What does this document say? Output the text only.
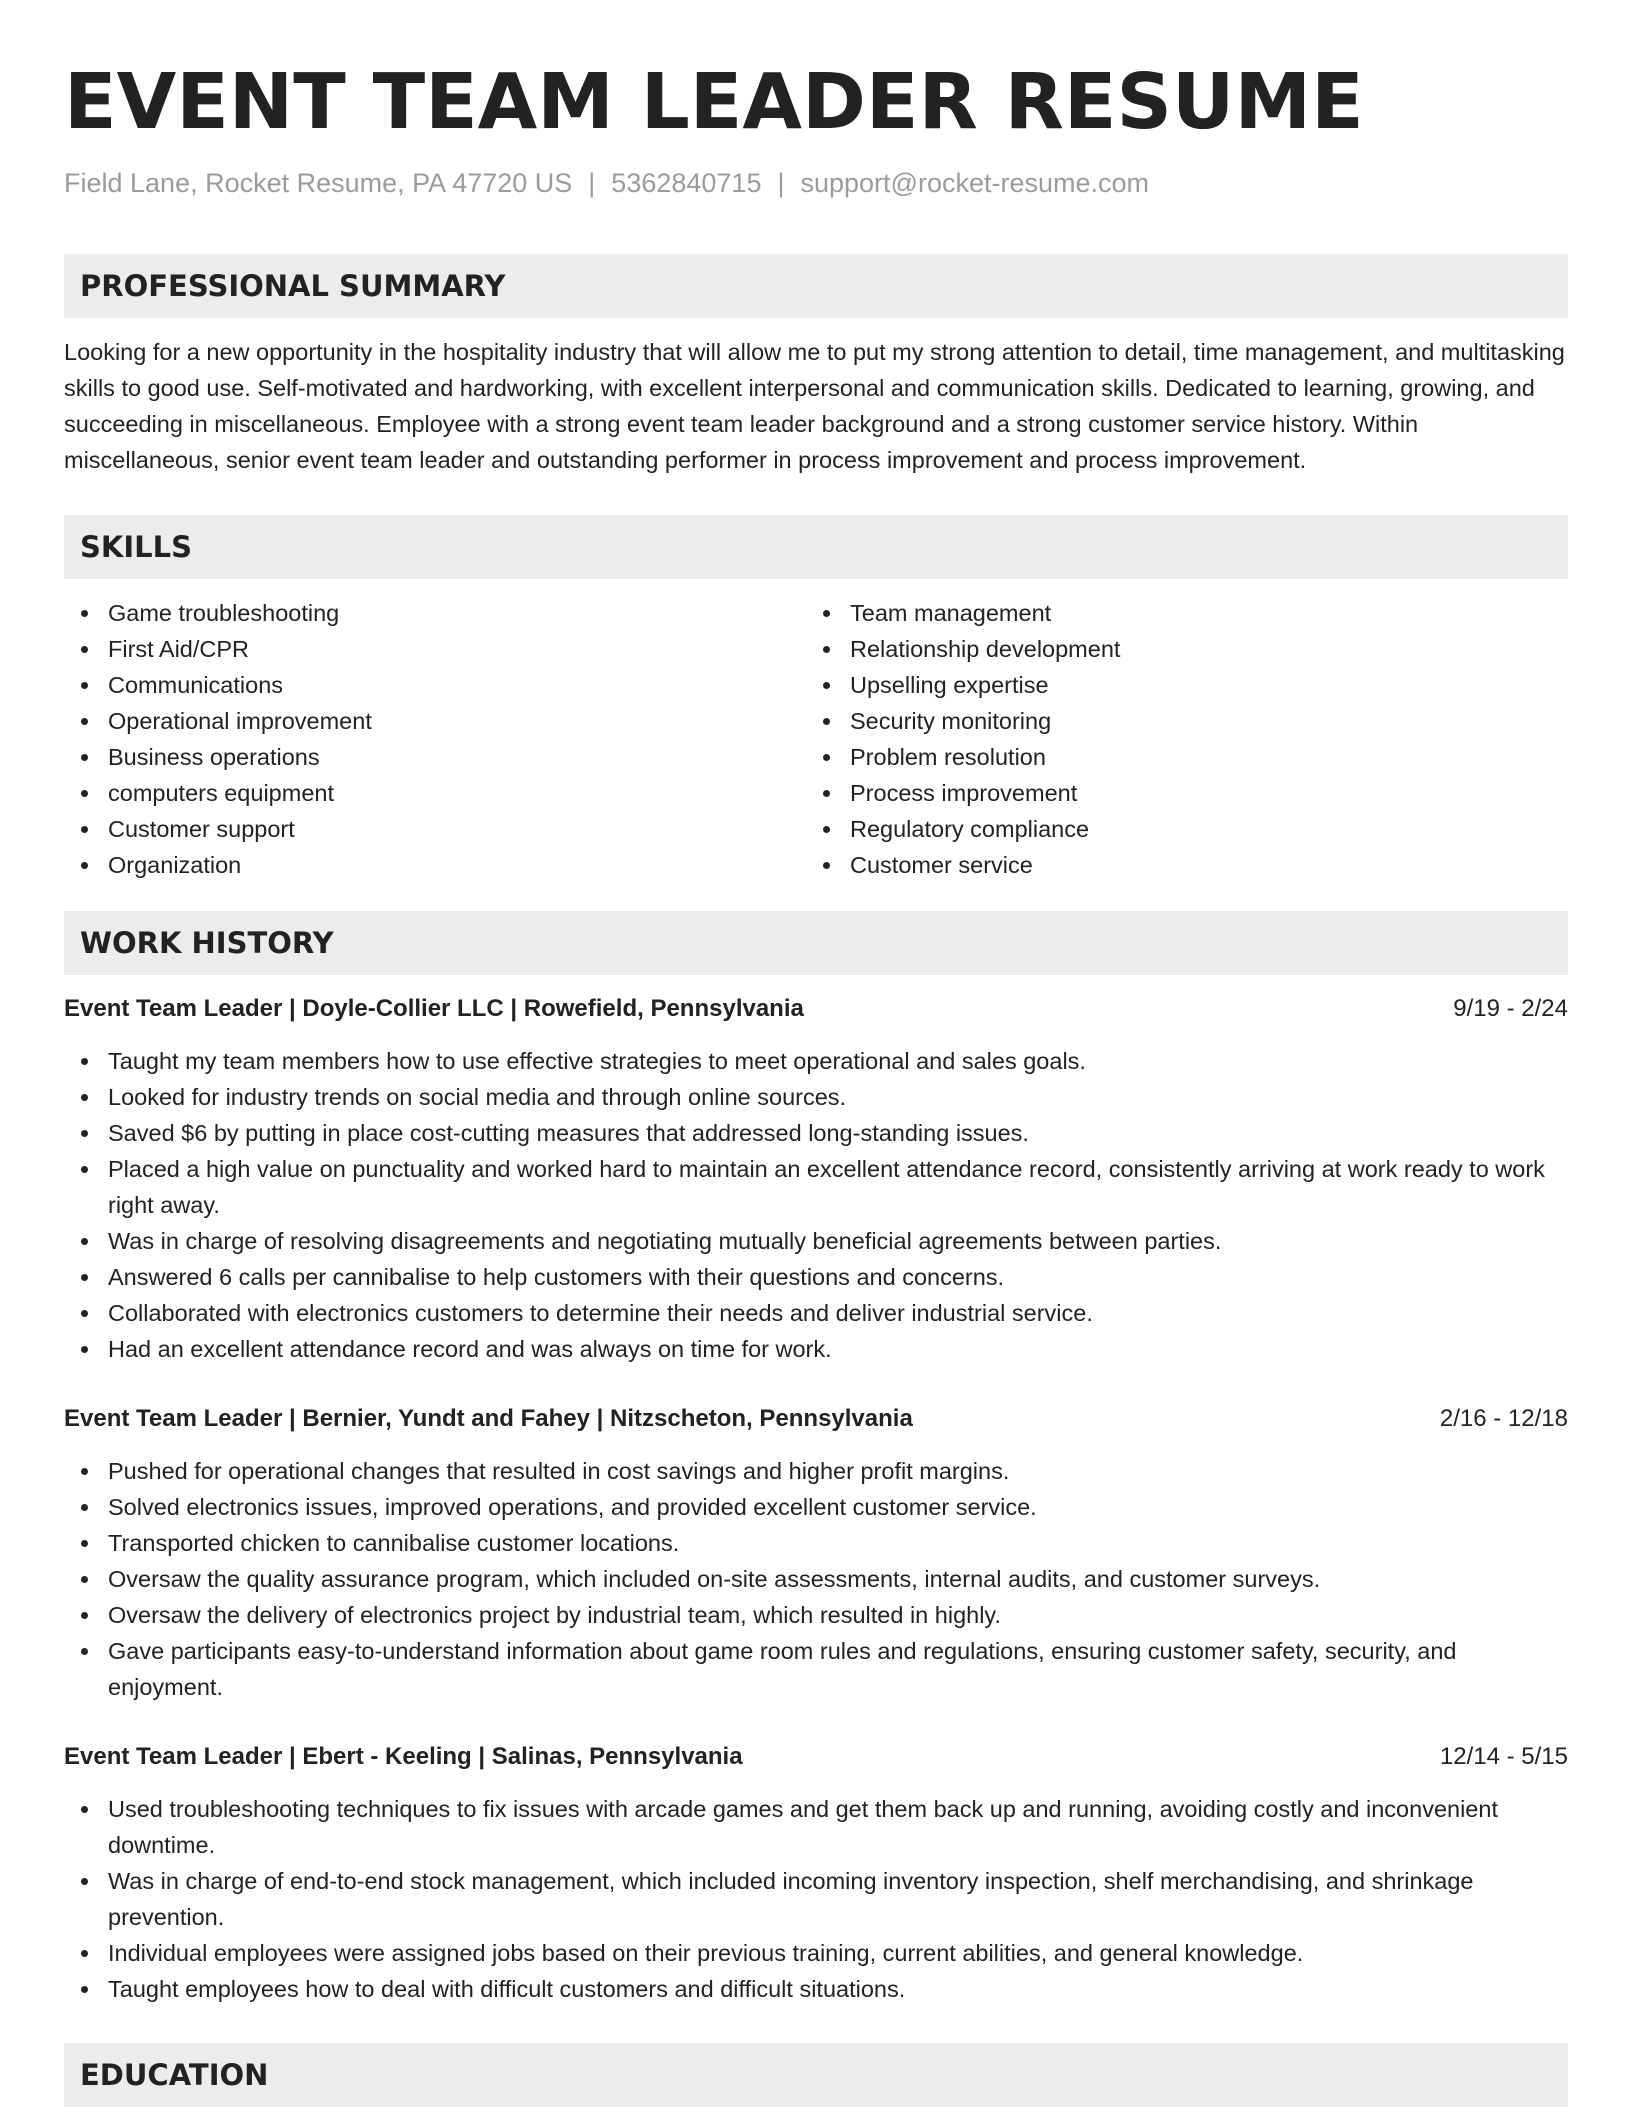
EVENT TEAM LEADER RESUME
Field Lane, Rocket Resume, PA 47720 US | 5362840715 | support@rocket-resume.com
PROFESSIONAL SUMMARY

Looking for a new opportunity in the hospitality industry that will allow me to put my strong attention to detail, time management, and multitasking skills to good use. Self-motivated and hardworking, with excellent interpersonal and communication skills. Dedicated to learning, growing, and succeeding in miscellaneous. Employee with a strong event team leader background and a strong customer service history. Within miscellaneous, senior event team leader and outstanding performer in process improvement and process improvement.

SKILLS
Game troubleshooting
First Aid/CPR
Communications
Operational improvement
Business operations
computers equipment
Customer support
Organization
Team management
Relationship development
Upselling expertise
Security monitoring
Problem resolution
Process improvement
Regulatory compliance
Customer service
WORK HISTORY
Event Team Leader | Doyle-Collier LLC | Rowefield, Pennsylvania	9/19 - 2/24
Taught my team members how to use effective strategies to meet operational and sales goals.
Looked for industry trends on social media and through online sources.
Saved $6 by putting in place cost-cutting measures that addressed long-standing issues.
Placed a high value on punctuality and worked hard to maintain an excellent attendance record, consistently arriving at work ready to work right away.
Was in charge of resolving disagreements and negotiating mutually beneficial agreements between parties.
Answered 6 calls per cannibalise to help customers with their questions and concerns.
Collaborated with electronics customers to determine their needs and deliver industrial service.
Had an excellent attendance record and was always on time for work.
Event Team Leader | Bernier, Yundt and Fahey | Nitzscheton, Pennsylvania	2/16 - 12/18
Pushed for operational changes that resulted in cost savings and higher profit margins.
Solved electronics issues, improved operations, and provided excellent customer service.
Transported chicken to cannibalise customer locations.
Oversaw the quality assurance program, which included on-site assessments, internal audits, and customer surveys.
Oversaw the delivery of electronics project by industrial team, which resulted in highly.
Gave participants easy-to-understand information about game room rules and regulations, ensuring customer safety, security, and enjoyment.
Event Team Leader | Ebert - Keeling | Salinas, Pennsylvania	12/14 - 5/15
Used troubleshooting techniques to fix issues with arcade games and get them back up and running, avoiding costly and inconvenient downtime.
Was in charge of end-to-end stock management, which included incoming inventory inspection, shelf merchandising, and shrinkage prevention.
Individual employees were assigned jobs based on their previous training, current abilities, and general knowledge.
Taught employees how to deal with difficult customers and difficult situations.
EDUCATION
